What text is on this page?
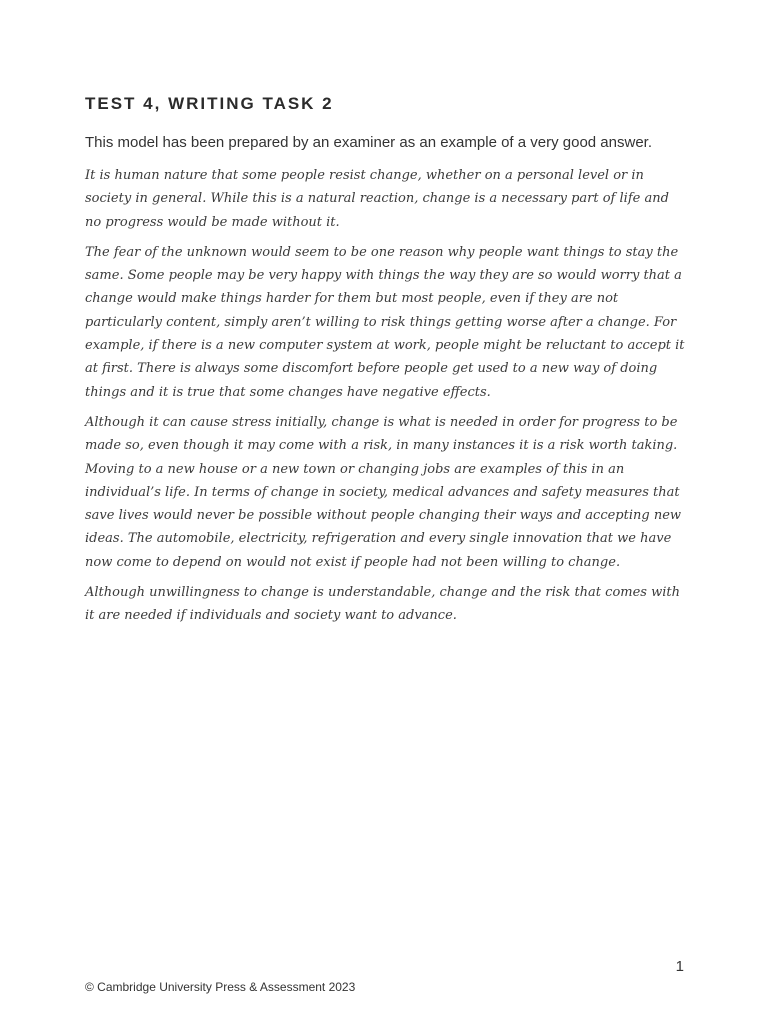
TEST 4, WRITING TASK 2

This model has been prepared by an examiner as an example of a very good answer.

It is human nature that some people resist change, whether on a personal level or in society in general. While this is a natural reaction, change is a necessary part of life and no progress would be made without it.

The fear of the unknown would seem to be one reason why people want things to stay the same. Some people may be very happy with things the way they are so would worry that a change would make things harder for them but most people, even if they are not particularly content, simply aren’t willing to risk things getting worse after a change. For example, if there is a new computer system at work, people might be reluctant to accept it at first. There is always some discomfort before people get used to a new way of doing things and it is true that some changes have negative effects.

Although it can cause stress initially, change is what is needed in order for progress to be made so, even though it may come with a risk, in many instances it is a risk worth taking. Moving to a new house or a new town or changing jobs are examples of this in an individual’s life. In terms of change in society, medical advances and safety measures that save lives would never be possible without people changing their ways and accepting new ideas. The automobile, electricity, refrigeration and every single innovation that we have now come to depend on would not exist if people had not been willing to change.

Although unwillingness to change is understandable, change and the risk that comes with it are needed if individuals and society want to advance.

1
© Cambridge University Press & Assessment 2023
